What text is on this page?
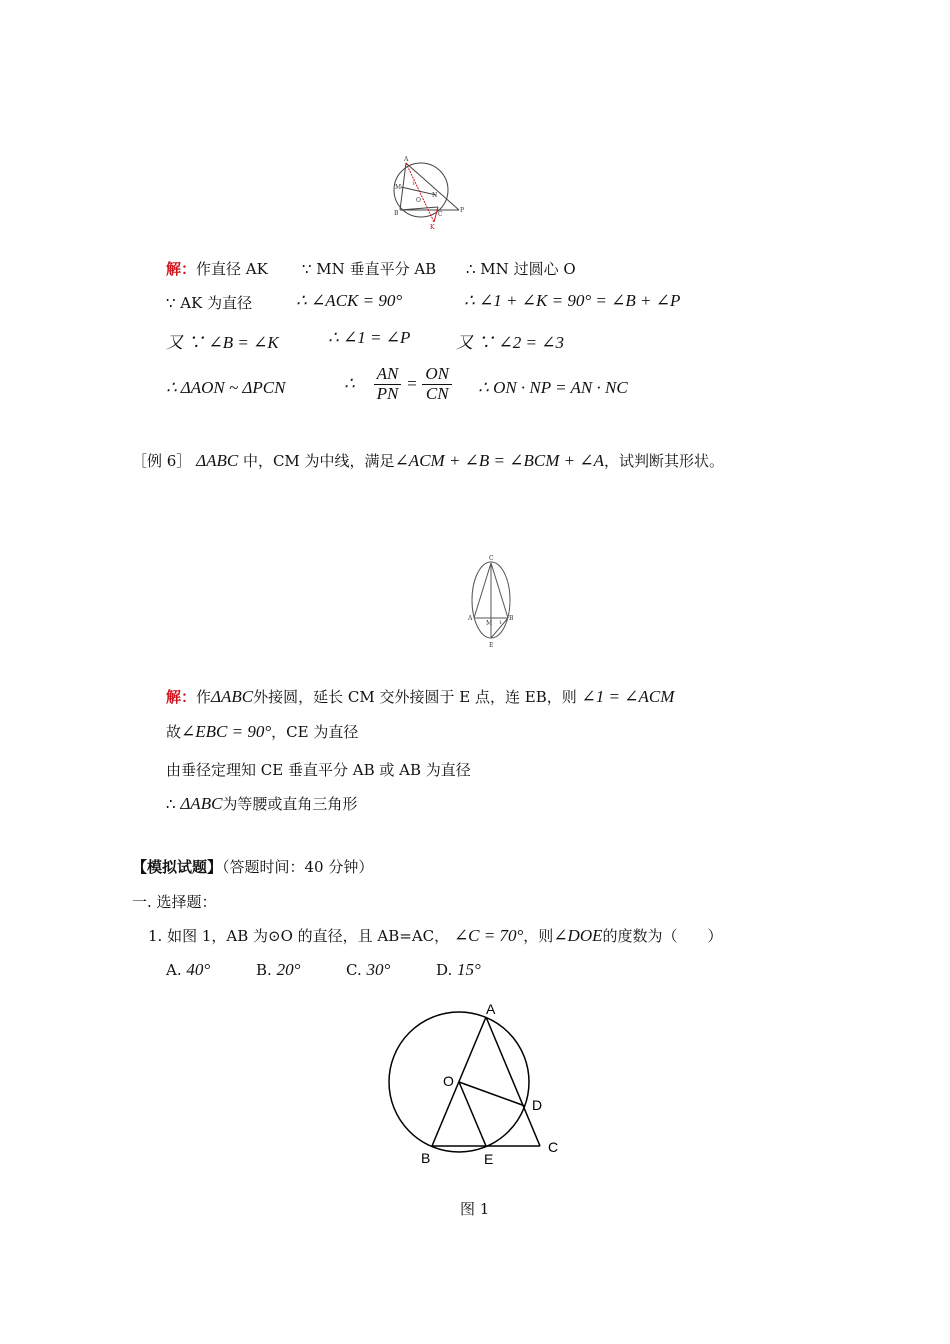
A
M 1
O
N
B	C
P
K
解：作直径 AK ∵ MN 垂直平分 AB ∴ MN 过圆心 O
∵ AK 为直径	∴ ∠ACK = 90°	∴ ∠1 + ∠K = 90° = ∠B + ∠P
又 ∵ ∠B = ∠K	∴ ∠1 = ∠P	又 ∵ ∠2 = ∠3
∴ ΔAON ~ ΔPCN	∴ $\frac{AN}{PN} = \frac{ON}{CN}$ ∴ ON · NP = AN · NC
［例 6］ ΔABC 中，CM 为中线，满足∠ACM + ∠B = ∠BCM + ∠A，试判断其形状。
C
A
M 1
B
E
解：作ΔABC外接圆，延长 CM 交外接圆于 E 点，连 EB，则 ∠1 = ∠ACM
故∠EBC = 90°，CE 为直径
由垂径定理知 CE 垂直平分 AB 或 AB 为直径
∴ ΔABC为等腰或直角三角形
【模拟试题】（答题时间：40 分钟）
一. 选择题：
1. 如图 1，AB 为⊙O 的直径，且 AB=AC， ∠C = 70°，则∠DOE的度数为（　　）
A. 40°	B. 20°	C. 30°	D. 15°
A
O
D
B	E
C
图 1
